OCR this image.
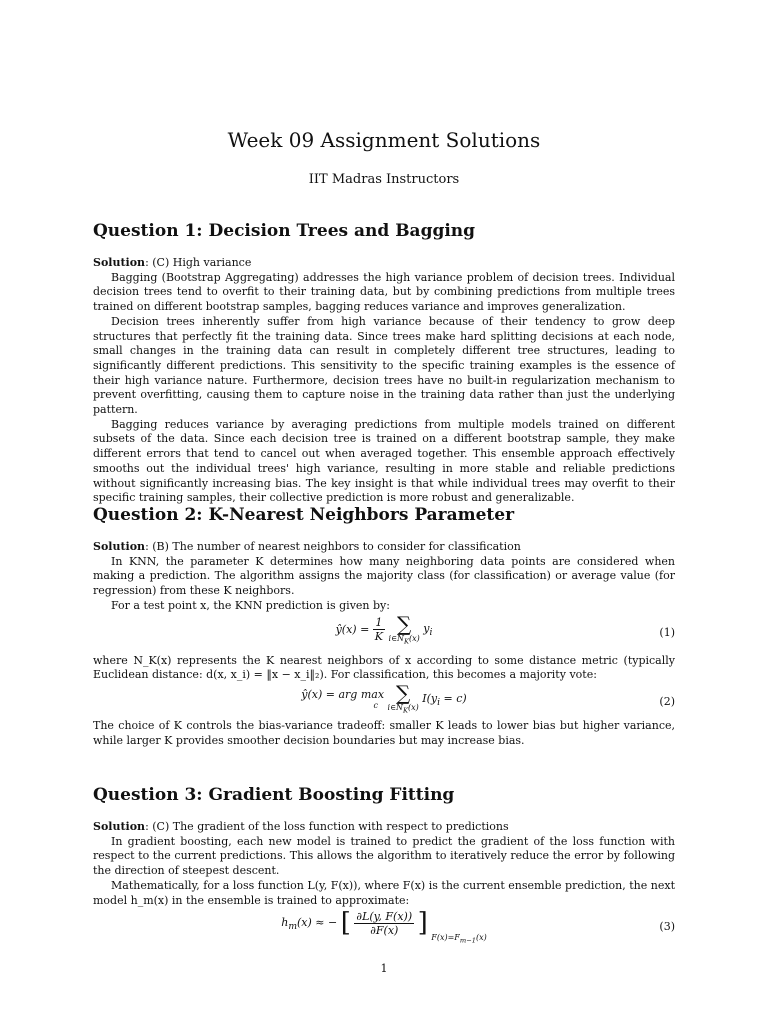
Week 09 Assignment Solutions
IIT Madras Instructors
Question 1: Decision Trees and Bagging
Solution: (C) High variance

Bagging (Bootstrap Aggregating) addresses the high variance problem of decision trees. Individual decision trees tend to overfit to their training data, but by combining predictions from multiple trees trained on different bootstrap samples, bagging reduces variance and improves generalization.

Decision trees inherently suffer from high variance because of their tendency to grow deep structures that perfectly fit the training data. Since trees make hard splitting decisions at each node, small changes in the training data can result in completely different tree structures, leading to significantly different predictions. This sensitivity to the specific training examples is the essence of their high variance nature. Furthermore, decision trees have no built-in regularization mechanism to prevent overfitting, causing them to capture noise in the training data rather than just the underlying pattern.

Bagging reduces variance by averaging predictions from multiple models trained on different subsets of the data. Since each decision tree is trained on a different bootstrap sample, they make different errors that tend to cancel out when averaged together. This ensemble approach effectively smooths out the individual trees' high variance, resulting in more stable and reliable predictions without significantly increasing bias. The key insight is that while individual trees may overfit to their specific training samples, their collective prediction is more robust and generalizable.

Question 2: K-Nearest Neighbors Parameter
Solution: (B) The number of nearest neighbors to consider for classification

In KNN, the parameter K determines how many neighboring data points are considered when making a prediction. The algorithm assigns the majority class (for classification) or average value (for regression) from these K neighbors.

For a test point x, the KNN prediction is given by:

ŷ(x) = $\frac{1}{K}$
∑
$i\in N_K(x)$
$y_i$	(1)

where N_K(x) represents the K nearest neighbors of x according to some distance metric (typically Euclidean distance: d(x, x_i) = ‖x − x_i‖₂). For classification, this becomes a majority vote:

ŷ(x) = arg max
c

∑
$i\in N_K(x)$
$I(y_i = c)$	(2)

The choice of K controls the bias-variance tradeoff: smaller K leads to lower bias but higher variance, while larger K provides smoother decision boundaries but may increase bias.

Question 3: Gradient Boosting Fitting
Solution: (C) The gradient of the loss function with respect to predictions

In gradient boosting, each new model is trained to predict the gradient of the loss function with respect to the current predictions. This allows the algorithm to iteratively reduce the error by following the direction of steepest descent.

Mathematically, for a loss function L(y, F(x)), where F(x) is the current ensemble prediction, the next model h_m(x) in the ensemble is trained to approximate:

$h_m(x)$ ≈ − [ $\frac{\partial L(y, F(x))}{\partial F(x)}$ ] $_{F(x)=F_{m-1}(x)}$
(3)
1
